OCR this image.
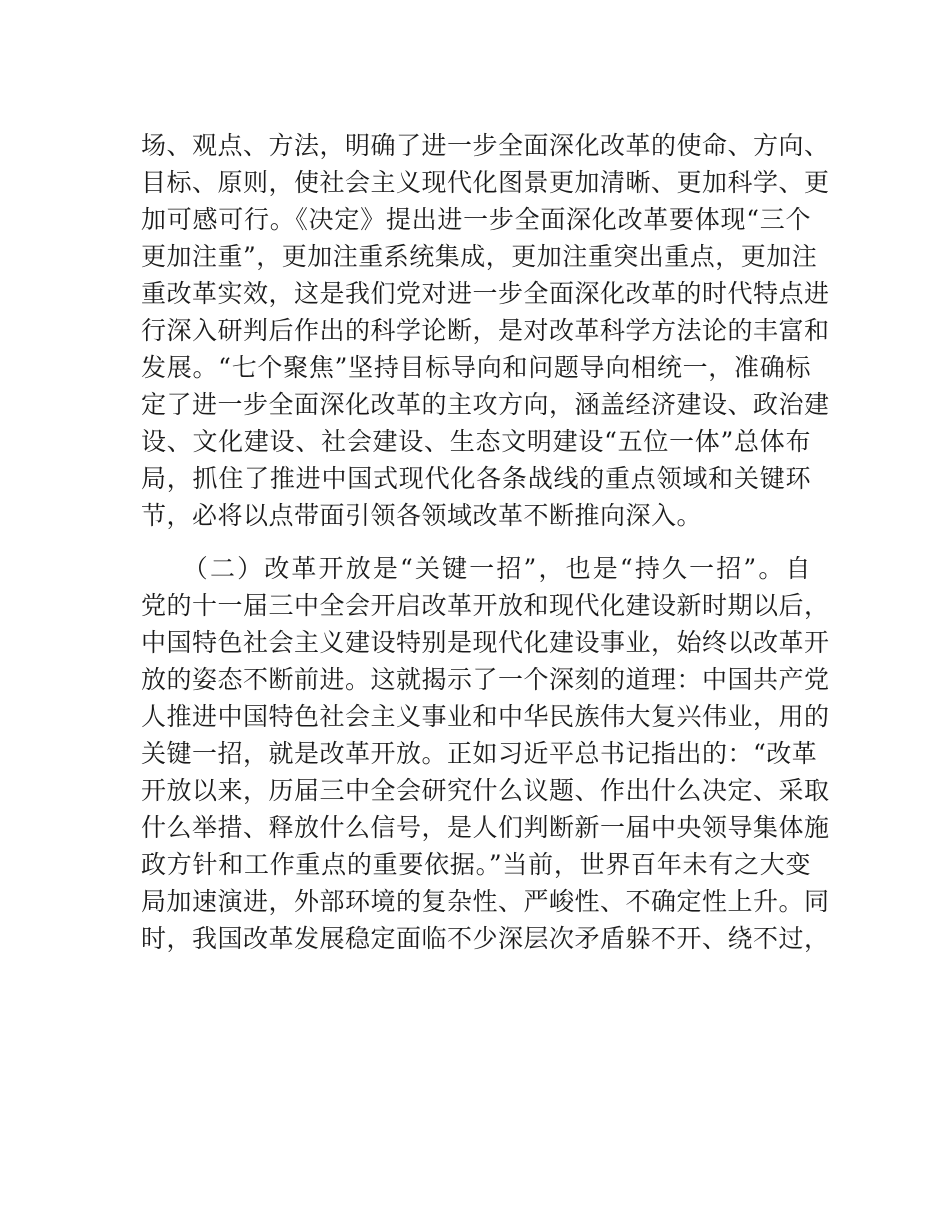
场、观点、方法，明确了进一步全面深化改革的使命、方向、
目标、原则，使社会主义现代化图景更加清晰、更加科学、更
加可感可行。《决定》提出进一步全面深化改革要体现“三个
更加注重”，更加注重系统集成，更加注重突出重点，更加注
重改革实效，这是我们党对进一步全面深化改革的时代特点进
行深入研判后作出的科学论断，是对改革科学方法论的丰富和
发展。“七个聚焦”坚持目标导向和问题导向相统一，准确标
定了进一步全面深化改革的主攻方向，涵盖经济建设、政治建
设、文化建设、社会建设、生态文明建设“五位一体”总体布
局，抓住了推进中国式现代化各条战线的重点领域和关键环
节，必将以点带面引领各领域改革不断推向深入。
　　（二）改革开放是“关键一招”，也是“持久一招”。自
党的十一届三中全会开启改革开放和现代化建设新时期以后，
中国特色社会主义建设特别是现代化建设事业，始终以改革开
放的姿态不断前进。这就揭示了一个深刻的道理：中国共产党
人推进中国特色社会主义事业和中华民族伟大复兴伟业，用的
关键一招，就是改革开放。正如习近平总书记指出的：“改革
开放以来，历届三中全会研究什么议题、作出什么决定、采取
什么举措、释放什么信号，是人们判断新一届中央领导集体施
政方针和工作重点的重要依据。”当前，世界百年未有之大变
局加速演进，外部环境的复杂性、严峻性、不确定性上升。同
时，我国改革发展稳定面临不少深层次矛盾躲不开、绕不过，
